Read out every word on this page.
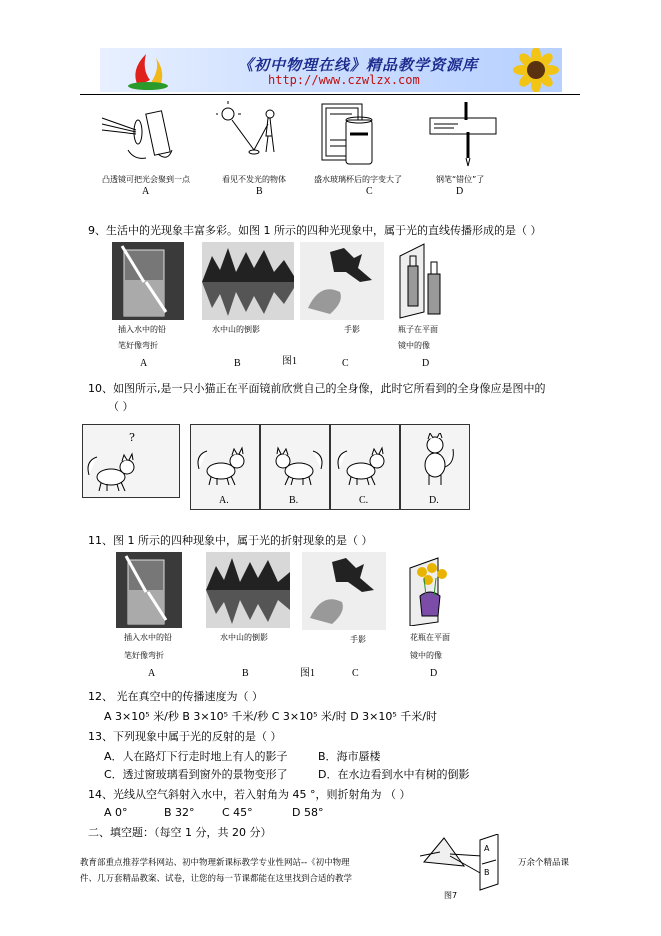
《初中物理在线》精品教学资源库
http://www.czwlzx.com
凸透镜可把光会聚到一点
A
看见不发光的物体
B
盛水玻璃杯后的字变大了
C
钢笔“错位”了
D
9、生活中的光现象丰富多彩。如图 1 所示的四种光现象中，属于光的直线传播形成的是（ ）
插入水中的铅
笔好像弯折
水中山的倒影	手影	瓶子在平面
镜中的像
图1
A	B	C	D
10、如图所示,是一只小猫正在平面镜前欣赏自己的全身像，此时它所看到的全身像应是图中的
（ ）
?
A.	B.	C.	D.
11、图 1 所示的四种现象中，属于光的折射现象的是（ ）
插入水中的铅
笔好像弯折
水中山的倒影	手影	花瓶在平面
镜中的像
图1
A	B	C	D
12、 光在真空中的传播速度为（ ）
A 3×10⁵ 米/秒 B 3×10⁵ 千米/秒 C 3×10⁵ 米/时 D 3×10⁵ 千米/时
13、下列现象中属于光的反射的是（ ）
A．人在路灯下行走时地上有人的影子	B．海市蜃楼
C．透过窗玻璃看到窗外的景物变形了	D．在水边看到水中有树的倒影
14、光线从空气斜射入水中，若入射角为 45 °，则折射角为 （ ）
A 0°	B 32° C 45°	D 58°
二、填空题：（每空 1 分，共 20 分）
教育部重点推荐学科网站、初中物理新课标教学专业性网站--《初中物理	万余个精品课
件、几万套精品教案、试卷，让您的每一节课都能在这里找到合适的教学
A
B
图7
